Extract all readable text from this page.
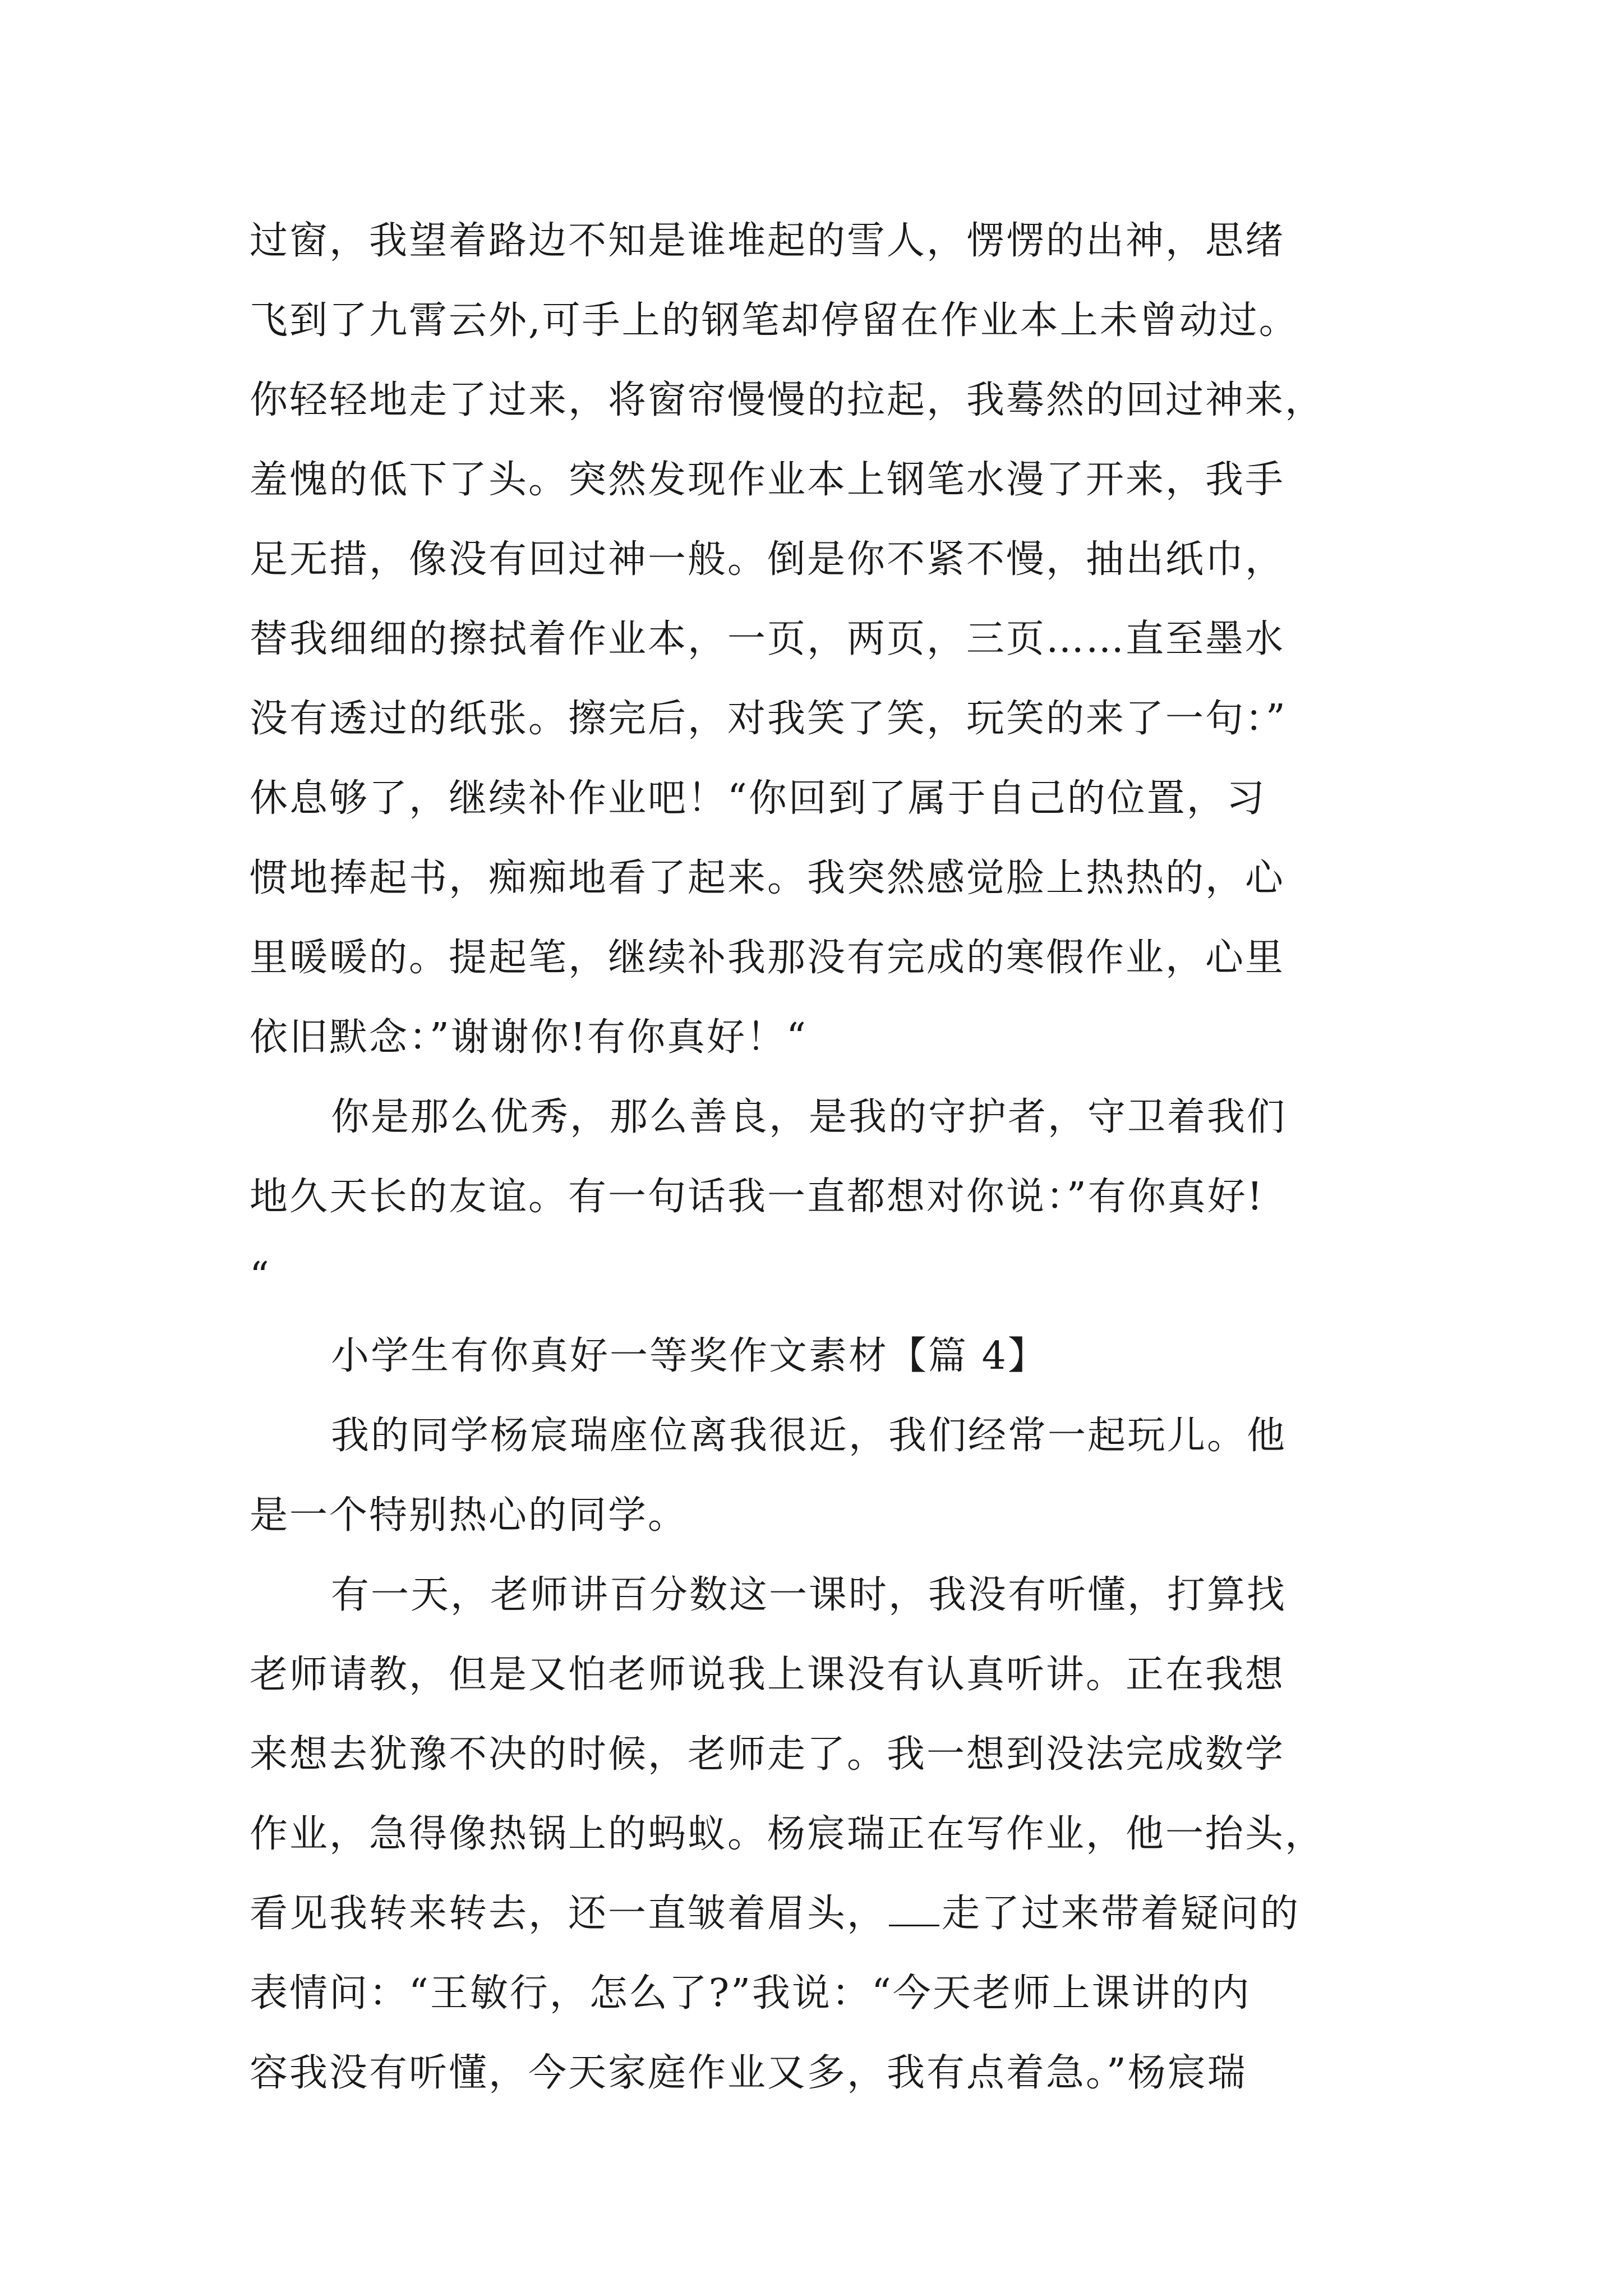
过窗，我望着路边不知是谁堆起的雪人，愣愣的出神，思绪
飞到了九霄云外,可手上的钢笔却停留在作业本上未曾动过。
你轻轻地走了过来，将窗帘慢慢的拉起，我蓦然的回过神来，
羞愧的低下了头。突然发现作业本上钢笔水漫了开来，我手
足无措，像没有回过神一般。倒是你不紧不慢，抽出纸巾，
替我细细的擦拭着作业本，一页，两页，三页……直至墨水
没有透过的纸张。擦完后，对我笑了笑，玩笑的来了一句：”
休息够了，继续补作业吧！“你回到了属于自己的位置，习
惯地捧起书，痴痴地看了起来。我突然感觉脸上热热的，心
里暖暖的。提起笔，继续补我那没有完成的寒假作业，心里
依旧默念：”谢谢你!有你真好！“
你是那么优秀，那么善良，是我的守护者，守卫着我们
地久天长的友谊。有一句话我一直都想对你说：”有你真好!
“
小学生有你真好一等奖作文素材【篇 4】
我的同学杨宸瑞座位离我很近，我们经常一起玩儿。他
是一个特别热心的同学。
有一天，老师讲百分数这一课时，我没有听懂，打算找
老师请教，但是又怕老师说我上课没有认真听讲。正在我想
来想去犹豫不决的时候，老师走了。我一想到没法完成数学
作业，急得像热锅上的蚂蚁。杨宸瑞正在写作业，他一抬头，
看见我转来转去，还一直皱着眉头， 走了过来带着疑问的
表情问：“王敏行，怎么了?”我说：“今天老师上课讲的内
容我没有听懂，今天家庭作业又多，我有点着急。”杨宸瑞
